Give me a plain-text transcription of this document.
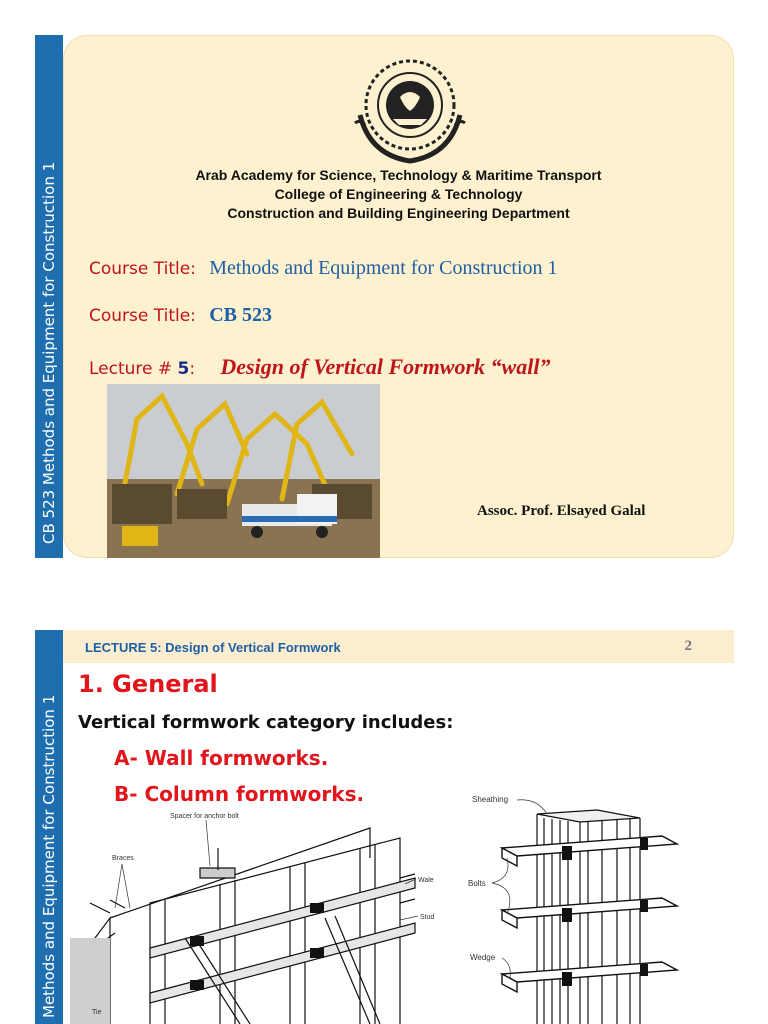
CB 523 Methods and Equipment for Construction 1	Arab Academy for Science, Technology & Maritime Transport
College of Engineering & Technology
Construction and Building Engineering Department
Course Title: Methods and Equipment for Construction 1
Course Title: CB 523
Lecture # 5: Design of Vertical Formwork “wall”
Assoc. Prof. Elsayed Galal
Methods and Equipment for Construction 1
LECTURE 5: Design of Vertical Formwork	2
1. General
Vertical formwork category includes:
A- Wall formworks.
B- Column formworks.
Spacer for anchor bolt
Braces
Wale
Stud
Tie
Sheathing
Bolts
Wedge
